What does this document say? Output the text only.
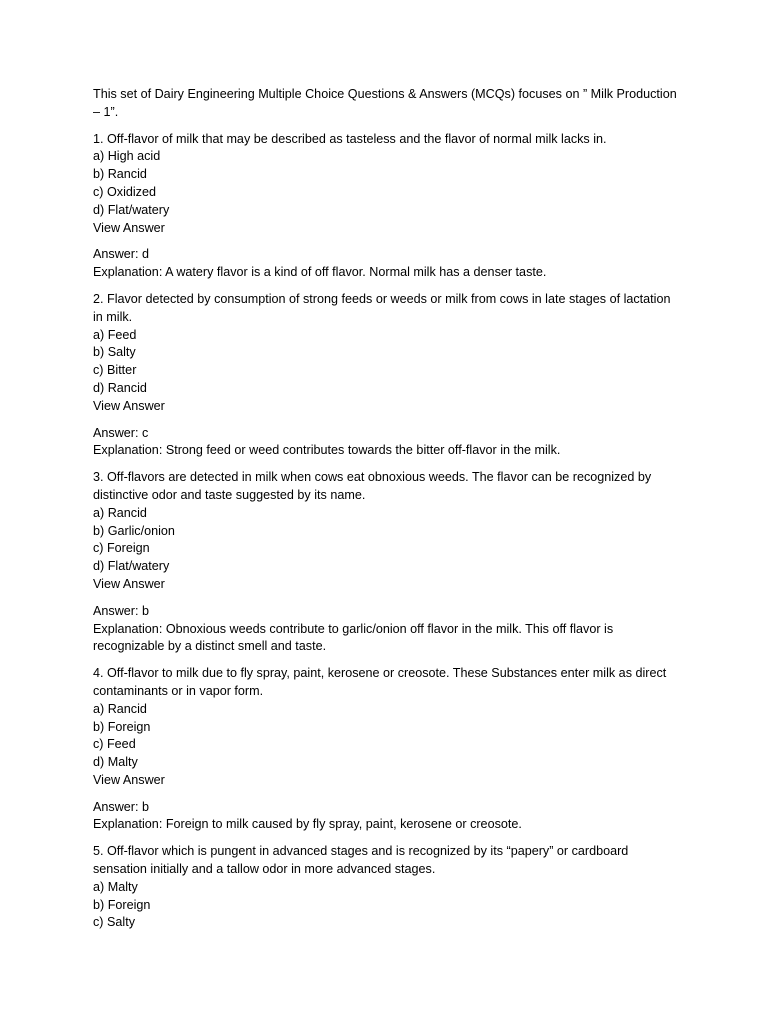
This set of Dairy Engineering Multiple Choice Questions & Answers (MCQs) focuses on ” Milk Production – 1”.

1. Off-flavor of milk that may be described as tasteless and the flavor of normal milk lacks in.

a) High acid

b) Rancid

c) Oxidized

d) Flat/watery

View Answer

Answer: d

Explanation: A watery flavor is a kind of off flavor. Normal milk has a denser taste.

2. Flavor detected by consumption of strong feeds or weeds or milk from cows in late stages of lactation in milk.

a) Feed

b) Salty

c) Bitter

d) Rancid

View Answer

Answer: c

Explanation: Strong feed or weed contributes towards the bitter off-flavor in the milk.

3. Off-flavors are detected in milk when cows eat obnoxious weeds. The flavor can be recognized by distinctive odor and taste suggested by its name.

a) Rancid

b) Garlic/onion

c) Foreign

d) Flat/watery

View Answer

Answer: b

Explanation: Obnoxious weeds contribute to garlic/onion off flavor in the milk. This off flavor is recognizable by a distinct smell and taste.

4. Off-flavor to milk due to fly spray, paint, kerosene or creosote. These Substances enter milk as direct contaminants or in vapor form.

a) Rancid

b) Foreign

c) Feed

d) Malty

View Answer

Answer: b

Explanation: Foreign to milk caused by fly spray, paint, kerosene or creosote.

5. Off-flavor which is pungent in advanced stages and is recognized by its “papery” or cardboard sensation initially and a tallow odor in more advanced stages.

a) Malty

b) Foreign

c) Salty
